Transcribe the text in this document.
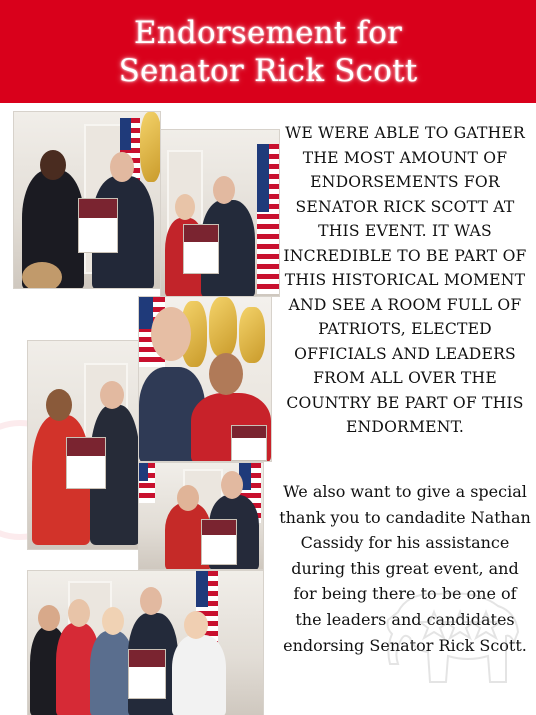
Endorsement for
Senator Rick Scott
WE WERE ABLE TO GATHER THE MOST AMOUNT OF ENDORSEMENTS FOR SENATOR RICK SCOTT AT THIS EVENT. IT WAS INCREDIBLE TO BE PART OF THIS HISTORICAL MOMENT AND SEE A ROOM FULL OF PATRIOTS, ELECTED OFFICIALS AND LEADERS FROM ALL OVER THE COUNTRY BE PART OF THIS ENDORMENT.
We also want to give a special thank you to candadite Nathan Cassidy for his assistance during this great event, and for being there to be one of the leaders and candidates endorsing Senator Rick Scott.
